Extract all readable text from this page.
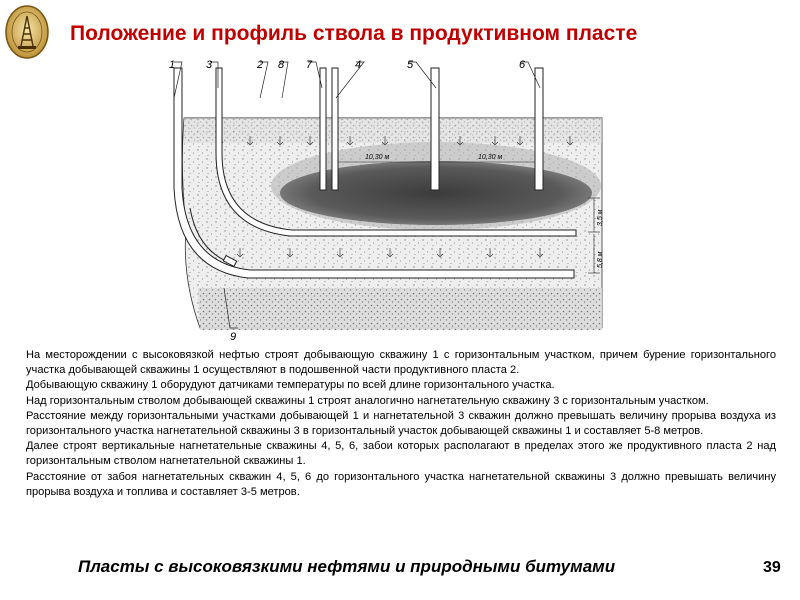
Положение и профиль ствола в продуктивном пласте
1	3	2 8 7	4	5	6
9
10,30 м	10,30 м
3,5 м
5,8 м

На месторождении с высоковязкой нефтью строят добывающую скважину 1 с горизонтальным участком, причем бурение горизонтального участка добывающей скважины 1 осуществляют в подошвенной части продуктивного пласта 2.

Добывающую скважину 1 оборудуют датчиками температуры по всей длине горизонтального участка.

Над горизонтальным стволом добывающей скважины 1 строят аналогично нагнетательную скважину 3 с горизонтальным участком.

Расстояние между горизонтальными участками добывающей 1 и нагнетательной 3 скважин должно превышать величину прорыва воздуха из горизонтального участка нагнетательной скважины 3 в горизонтальный участок добывающей скважины 1 и составляет 5-8 метров.

Далее строят вертикальные нагнетательные скважины 4, 5, 6, забои которых располагают в пределах этого же продуктивного пласта 2 над горизонтальным стволом нагнетательной скважины 1.

Расстояние от забоя нагнетательных скважин 4, 5, 6 до горизонтального участка нагнетательной скважины 3 должно превышать величину прорыва воздуха и топлива и составляет 3-5 метров.

Пласты с высоковязкими нефтями и природными битумами	39
